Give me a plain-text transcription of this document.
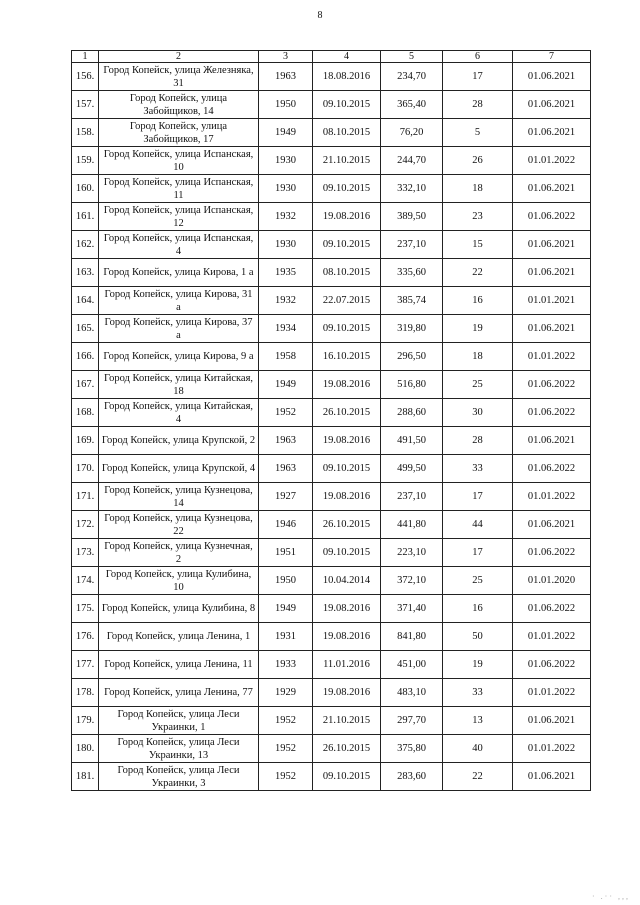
8
1	2	3	4	5	6	7
156.	Город Копейск, улица Железняка, 31	1963	18.08.2016	234,70	17	01.06.2021
157.	Город Копейск, улица Забойщиков, 14	1950	09.10.2015	365,40	28	01.06.2021
158.	Город Копейск, улица Забойщиков, 17	1949	08.10.2015	76,20	5	01.06.2021
159.	Город Копейск, улица Испанская, 10	1930	21.10.2015	244,70	26	01.01.2022
160.	Город Копейск, улица Испанская, 11	1930	09.10.2015	332,10	18	01.06.2021
161.	Город Копейск, улица Испанская, 12	1932	19.08.2016	389,50	23	01.06.2022
162.	Город Копейск, улица Испанская, 4	1930	09.10.2015	237,10	15	01.06.2021
163.	Город Копейск, улица Кирова, 1 а	1935	08.10.2015	335,60	22	01.06.2021
164.	Город Копейск, улица Кирова, 31 а	1932	22.07.2015	385,74	16	01.01.2021
165.	Город Копейск, улица Кирова, 37 а	1934	09.10.2015	319,80	19	01.06.2021
166.	Город Копейск, улица Кирова, 9 а	1958	16.10.2015	296,50	18	01.01.2022
167.	Город Копейск, улица Китайская, 18	1949	19.08.2016	516,80	25	01.06.2022
168.	Город Копейск, улица Китайская, 4	1952	26.10.2015	288,60	30	01.06.2022
169.	Город Копейск, улица Крупской, 2	1963	19.08.2016	491,50	28	01.06.2021
170.	Город Копейск, улица Крупской, 4	1963	09.10.2015	499,50	33	01.06.2022
171.	Город Копейск, улица Кузнецова, 14	1927	19.08.2016	237,10	17	01.01.2022
172.	Город Копейск, улица Кузнецова, 22	1946	26.10.2015	441,80	44	01.06.2021
173.	Город Копейск, улица Кузнечная, 2	1951	09.10.2015	223,10	17	01.06.2022
174.	Город Копейск, улица Кулибина, 10	1950	10.04.2014	372,10	25	01.01.2020
175.	Город Копейск, улица Кулибина, 8	1949	19.08.2016	371,40	16	01.06.2022
176.	Город Копейск, улица Ленина, 1	1931	19.08.2016	841,80	50	01.01.2022
177.	Город Копейск, улица Ленина, 11	1933	11.01.2016	451,00	19	01.06.2022
178.	Город Копейск, улица Ленина, 77	1929	19.08.2016	483,10	33	01.01.2022
179.	Город Копейск, улица Леси Украинки, 1	1952	21.10.2015	297,70	13	01.06.2021
180.	Город Копейск, улица Леси Украинки, 13	1952	26.10.2015	375,80	40	01.01.2022
181.	Город Копейск, улица Леси Украинки, 3	1952	09.10.2015	283,60	22	01.06.2021
· .·· ,,,
